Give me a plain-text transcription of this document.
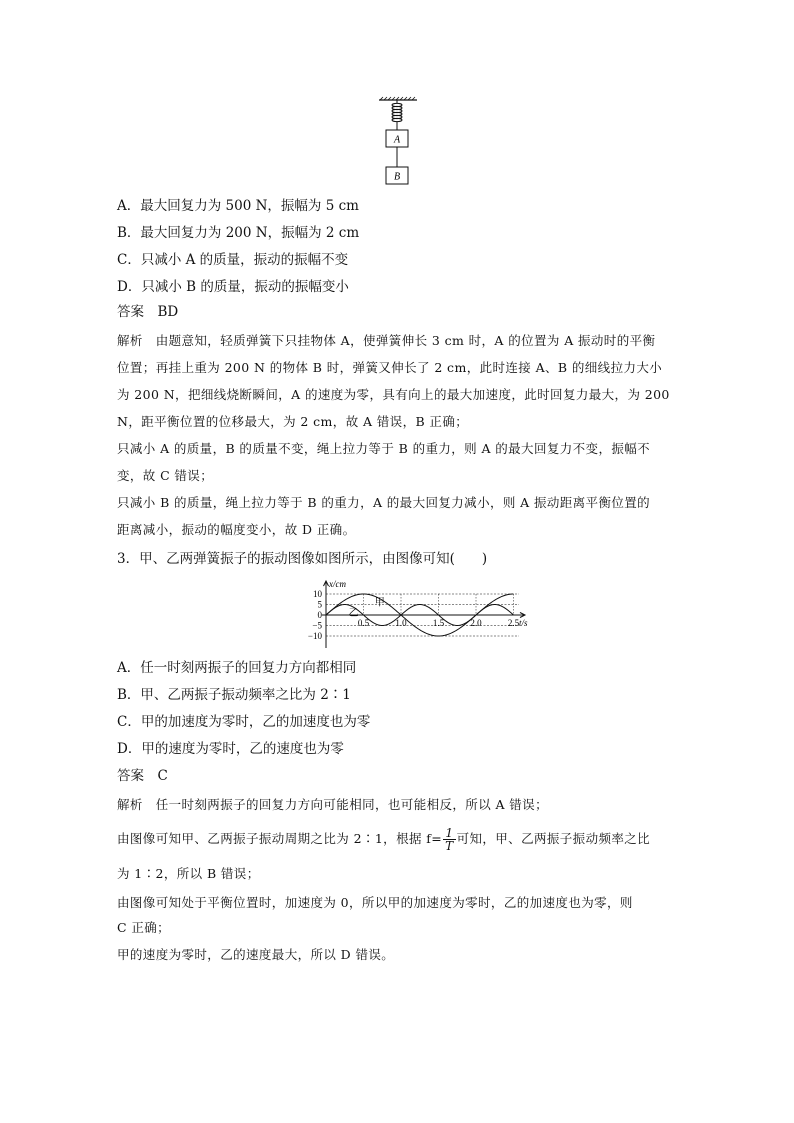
A
B
A．最大回复力为 500 N，振幅为 5 cm
B．最大回复力为 200 N，振幅为 2 cm
C．只减小 A 的质量，振动的振幅不变
D．只减小 B 的质量，振动的振幅变小
答案　BD
解析　由题意知，轻质弹簧下只挂物体 A，使弹簧伸长 3 cm 时，A 的位置为 A 振动时的平衡
位置；再挂上重为 200 N 的物体 B 时，弹簧又伸长了 2 cm，此时连接 A、B 的细线拉力大小
为 200 N，把细线烧断瞬间，A 的速度为零，具有向上的最大加速度，此时回复力最大，为 200
N，距平衡位置的位移最大，为 2 cm，故 A 错误，B 正确；
只减小 A 的质量，B 的质量不变，绳上拉力等于 B 的重力，则 A 的最大回复力不变，振幅不
变，故 C 错误；
只减小 B 的质量，绳上拉力等于 B 的重力，A 的最大回复力减小，则 A 振动距离平衡位置的
距离减小，振动的幅度变小，故 D 正确。
3．甲、乙两弹簧振子的振动图像如图所示，由图像可知(　　)
x/cm
t/s
10
5
0
−5
−10
0.5	1.0	1.5	2.0	2.5
甲
乙
A．任一时刻两振子的回复力方向都相同
B．甲、乙两振子振动频率之比为 2∶1
C．甲的加速度为零时，乙的加速度也为零
D．甲的速度为零时，乙的速度也为零
答案　C
解析　任一时刻两振子的回复力方向可能相同，也可能相反，所以 A 错误；
由图像可知甲、乙两振子振动周期之比为 2∶1，根据 $f= \frac{1}{T}$ 可知，甲、乙两振子振动频率之比
为 1∶2，所以 B 错误；
由图像可知处于平衡位置时，加速度为 0，所以甲的加速度为零时，乙的加速度也为零，则
C 正确；
甲的速度为零时，乙的速度最大，所以 D 错误。
